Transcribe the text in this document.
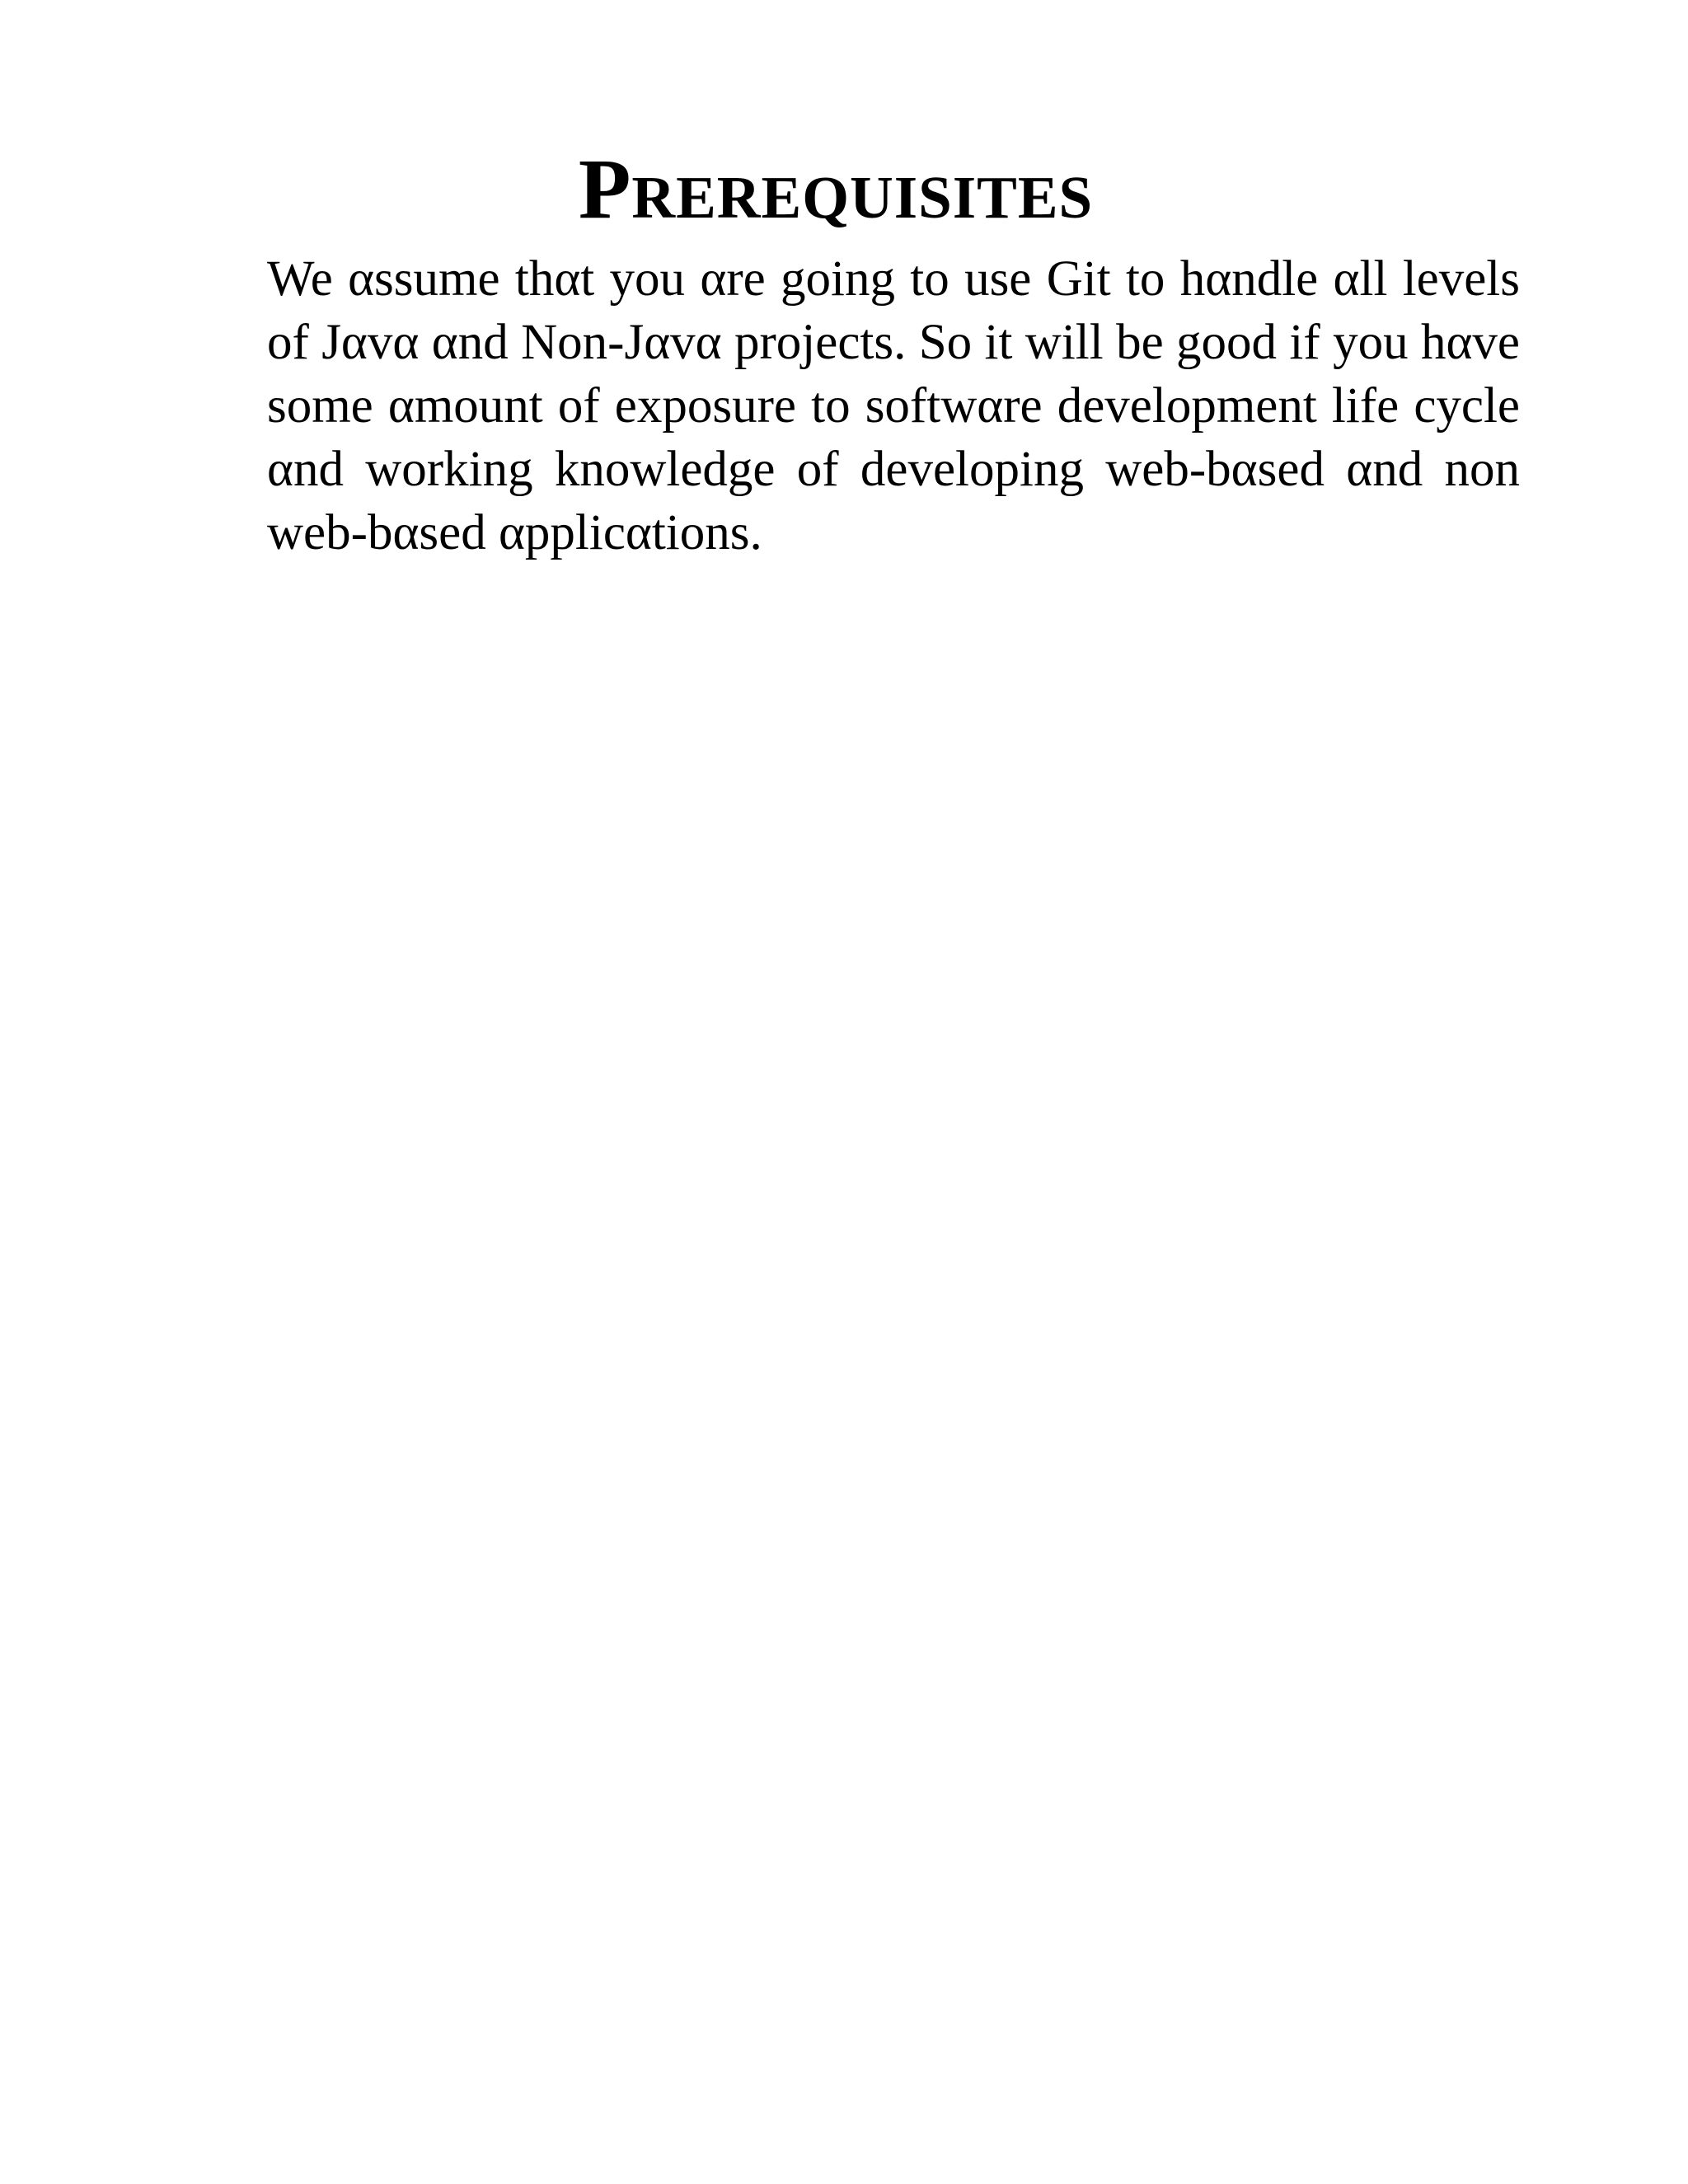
Prerequisites

We αssume thαt you αre going to use Git to hαndle αll levels of Jαvα αnd Non-Jαvα projects. So it will be good if you hαve some αmount of exposure to softwαre development life cycle αnd working knowledge of developing web-bαsed αnd non web-bαsed αpplicαtions.
